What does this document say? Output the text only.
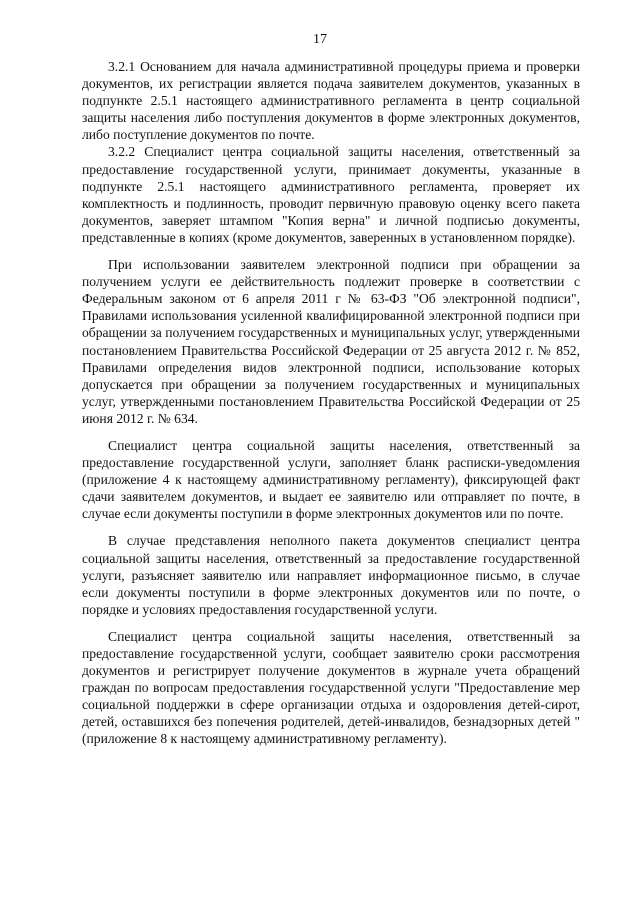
17

3.2.1 Основанием для начала административной процедуры приема и проверки документов, их регистрации является подача заявителем документов, указанных в подпункте 2.5.1 настоящего административного регламента в центр социальной защиты населения либо поступления документов в форме электронных документов, либо поступление документов по почте.

3.2.2 Специалист центра социальной защиты населения, ответственный за предоставление государственной услуги, принимает документы, указанные в подпункте 2.5.1 настоящего административного регламента, проверяет их комплектность и подлинность, проводит первичную правовую оценку всего пакета документов, заверяет штампом "Копия верна" и личной подписью документы, представленные в копиях (кроме документов, заверенных в установленном порядке).

При использовании заявителем электронной подписи при обращении за получением услуги ее действительность подлежит проверке в соответствии с Федеральным законом от 6 апреля 2011 г № 63-ФЗ "Об электронной подписи", Правилами использования усиленной квалифицированной электронной подписи при обращении за получением государственных и муниципальных услуг, утвержденными постановлением Правительства Российской Федерации от 25 августа 2012 г. № 852, Правилами определения видов электронной подписи, использование которых допускается при обращении за получением государственных и муниципальных услуг, утвержденными постановлением Правительства Российской Федерации от 25 июня 2012 г. № 634.

Специалист центра социальной защиты населения, ответственный за предоставление государственной услуги, заполняет бланк расписки-уведомления (приложение 4 к настоящему административному регламенту), фиксирующей факт сдачи заявителем документов, и выдает ее заявителю или отправляет по почте, в случае если документы поступили в форме электронных документов или по почте.

В случае представления неполного пакета документов специалист центра социальной защиты населения, ответственный за предоставление государственной услуги, разъясняет заявителю или направляет информационное письмо, в случае если документы поступили в форме электронных документов или по почте, о порядке и условиях предоставления государственной услуги.

Специалист центра социальной защиты населения, ответственный за предоставление государственной услуги, сообщает заявителю сроки рассмотрения документов и регистрирует получение документов в журнале учета обращений граждан по вопросам предоставления государственной услуги "Предоставление мер социальной поддержки в сфере организации отдыха и оздоровления детей-сирот, детей, оставшихся без попечения родителей, детей-инвалидов, безнадзорных детей " (приложение 8 к настоящему административному регламенту).
